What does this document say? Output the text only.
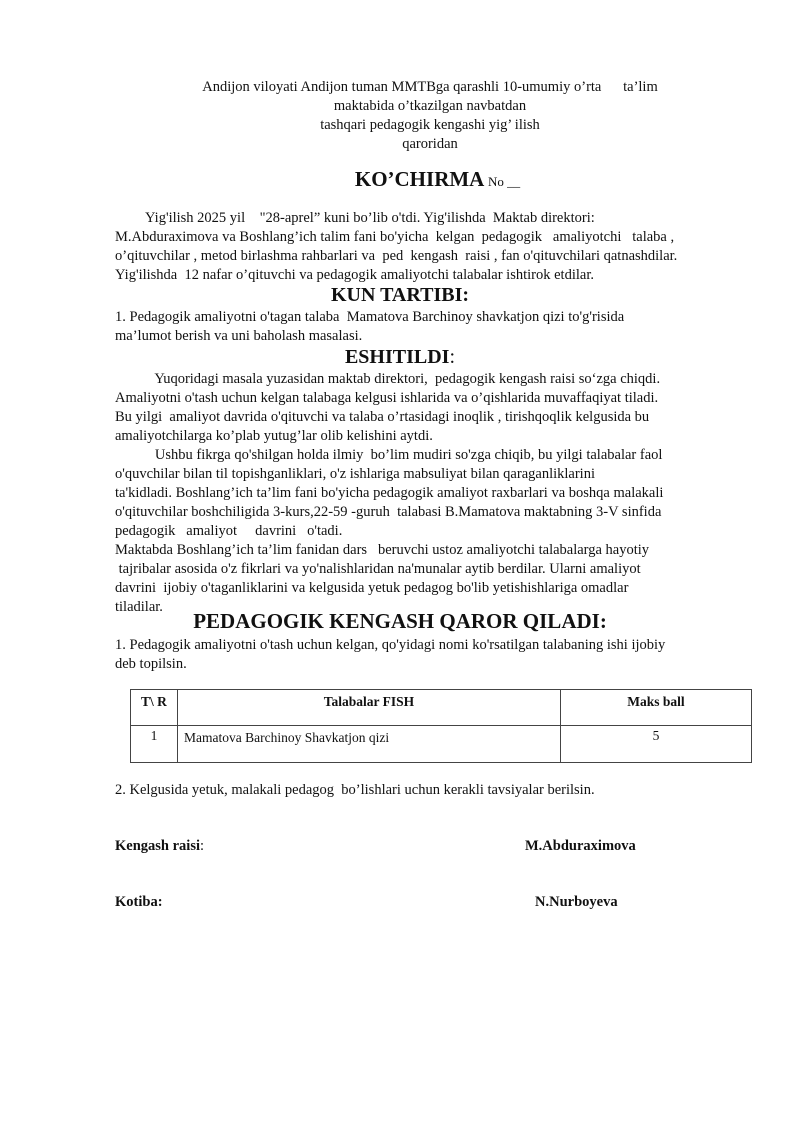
Andijon viloyati Andijon tuman MMTBga qarashli 10-umumiy o’rta      ta’lim
maktabida o’tkazilgan navbatdan
tashqari pedagogik kengashi yig’ ilish
qaroridan
KO’CHIRMA No __
Yig'ilish 2025 yil    "28-aprel” kuni bo’lib o'tdi. Yig'ilishda  Maktab direktori:
M.Abduraximova va Boshlang’ich talim fani bo'yicha  kelgan  pedagogik   amaliyotchi   talaba ,
o’qituvchilar , metod birlashma rahbarlari va  ped  kengash  raisi , fan o'qituvchilari qatnashdilar.
Yig'ilishda  12 nafar o’qituvchi va pedagogik amaliyotchi talabalar ishtirok etdilar.
KUN TARTIBI:
1. Pedagogik amaliyotni o'tagan talaba  Mamatova Barchinoy shavkatjon qizi to'g'risida
ma’lumot berish va uni baholash masalasi.
ESHITILDI:
Yuqoridagi masala yuzasidan maktab direktori,  pedagogik kengash raisi so‘zga chiqdi.
Amaliyotni o'tash uchun kelgan talabaga kelgusi ishlarida va o’qishlarida muvaffaqiyat tiladi.
Bu yilgi  amaliyot davrida o'qituvchi va talaba o’rtasidagi inoqlik , tirishqoqlik kelgusida bu
amaliyotchilarga ko’plab yutug’lar olib kelishini aytdi.
Ushbu fikrga qo'shilgan holda ilmiy  bo’lim mudiri so'zga chiqib, bu yilgi talabalar faol
o'quvchilar bilan til topishganliklari, o'z ishlariga mabsuliyat bilan qaraganliklarini
ta'kidladi. Boshlang’ich ta’lim fani bo'yicha pedagogik amaliyot raxbarlari va boshqa malakali
o'qituvchilar boshchiligida 3-kurs,22-59 -guruh  talabasi B.Mamatova maktabning 3-V sinfida
pedagogik   amaliyot     davrini   o'tadi.
Maktabda Boshlang’ich ta’lim fanidan dars   beruvchi ustoz amaliyotchi talabalarga hayotiy
tajribalar asosida o'z fikrlari va yo'nalishlaridan na'munalar aytib berdilar. Ularni amaliyot
davrini  ijobiy o'taganliklarini va kelgusida yetuk pedagog bo'lib yetishishlariga omadlar
tiladilar.
PEDAGOGIK KENGASH QAROR QILADI:
1. Pedagogik amaliyotni o'tash uchun kelgan, qo'yidagi nomi ko'rsatilgan talabaning ishi ijobiy
deb topilsin.
T\ R	Talabalar FISH	Maks ball
1	Mamatova Barchinoy Shavkatjon qizi	5
2. Kelgusida yetuk, malakali pedagog  bo’lishlari uchun kerakli tavsiyalar berilsin.
Kengash raisi:	M.Abduraximova
Kotiba:	N.Nurboyeva
